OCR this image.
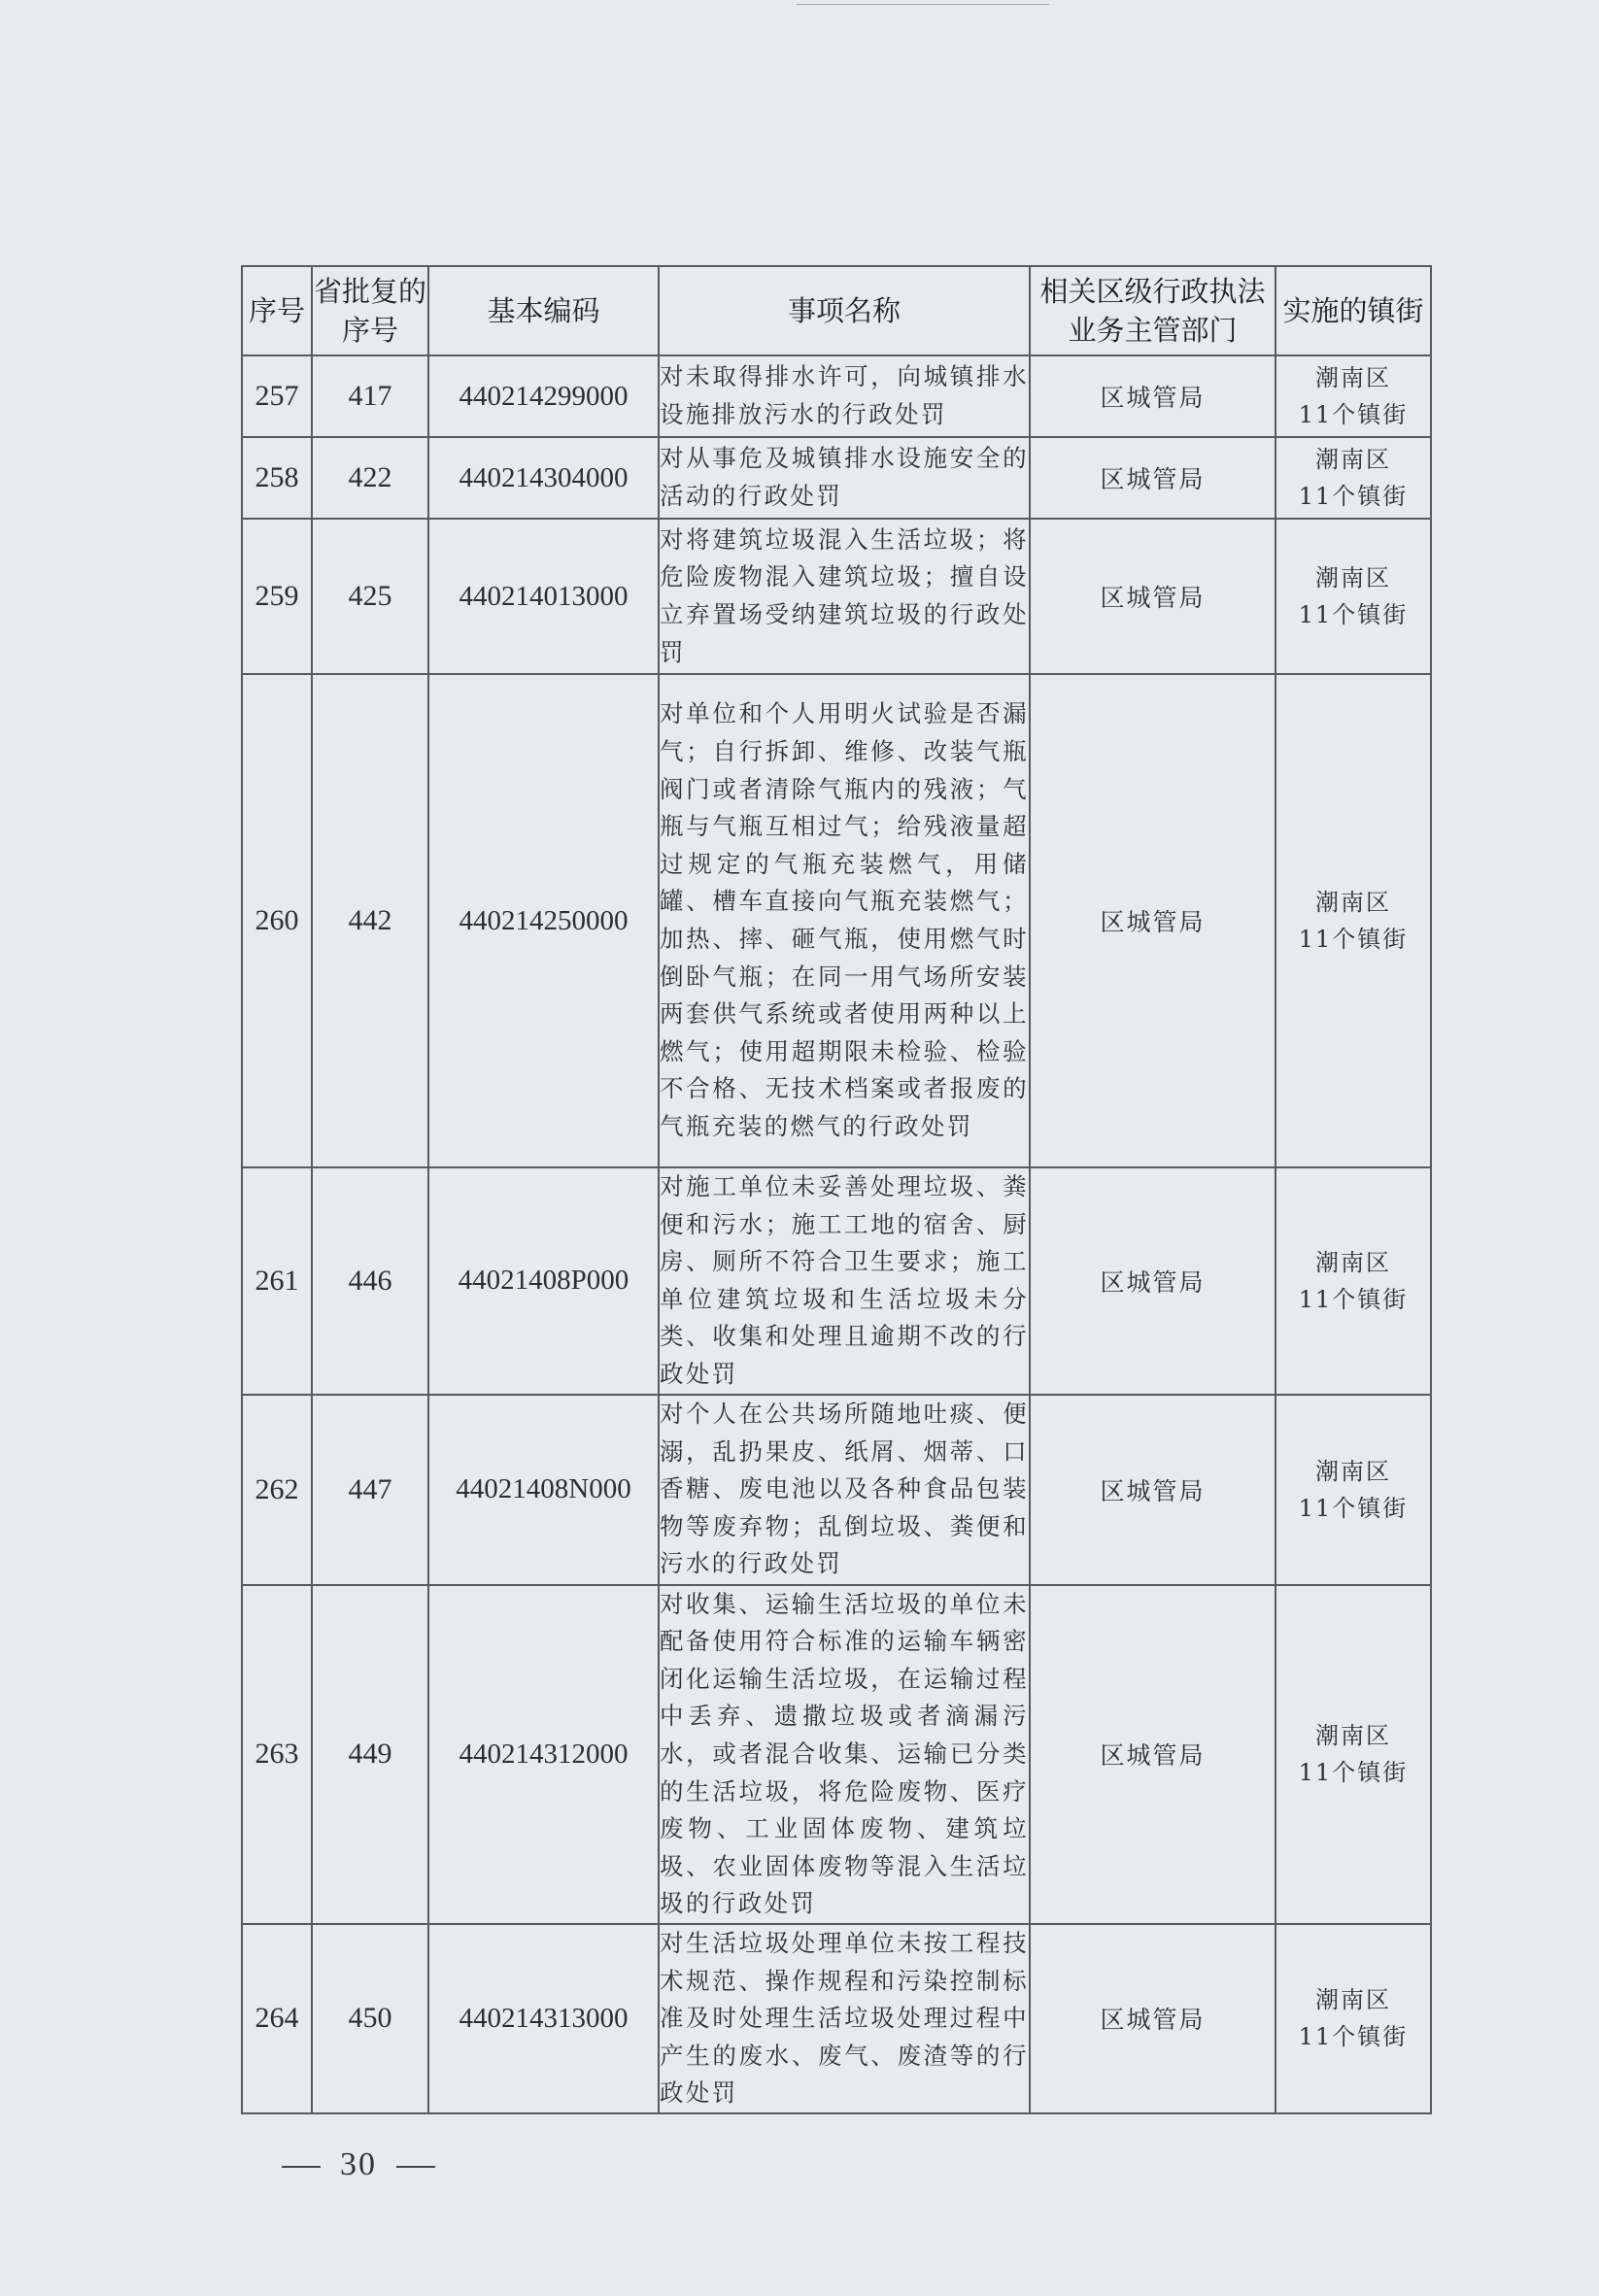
序号	省批复的序号	基本编码	事项名称	相关区级行政执法业务主管部门	实施的镇街
257	417	440214299000	对未取得排水许可，向城镇排水设施排放污水的行政处罚	区城管局	潮南区
11个镇街

258	422	440214304000	对从事危及城镇排水设施安全的活动的行政处罚	区城管局	潮南区
11个镇街

259	425	440214013000	对将建筑垃圾混入生活垃圾；将危险废物混入建筑垃圾；擅自设立弃置场受纳建筑垃圾的行政处罚	区城管局	潮南区
11个镇街

260	442	440214250000	对单位和个人用明火试验是否漏气；自行拆卸、维修、改装气瓶阀门或者清除气瓶内的残液；气瓶与气瓶互相过气；给残液量超过规定的气瓶充装燃气，用储罐、槽车直接向气瓶充装燃气；加热、摔、砸气瓶，使用燃气时倒卧气瓶；在同一用气场所安装两套供气系统或者使用两种以上燃气；使用超期限未检验、检验不合格、无技术档案或者报废的气瓶充装的燃气的行政处罚	区城管局	潮南区
11个镇街

261	446	44021408P000	对施工单位未妥善处理垃圾、粪便和污水；施工工地的宿舍、厨房、厕所不符合卫生要求；施工单位建筑垃圾和生活垃圾未分类、收集和处理且逾期不改的行政处罚	区城管局	潮南区
11个镇街

262	447	44021408N000	对个人在公共场所随地吐痰、便溺，乱扔果皮、纸屑、烟蒂、口香糖、废电池以及各种食品包装物等废弃物；乱倒垃圾、粪便和污水的行政处罚	区城管局	潮南区
11个镇街

263	449	440214312000	对收集、运输生活垃圾的单位未配备使用符合标准的运输车辆密闭化运输生活垃圾，在运输过程中丢弃、遗撒垃圾或者滴漏污水，或者混合收集、运输已分类的生活垃圾，将危险废物、医疗废物、工业固体废物、建筑垃圾、农业固体废物等混入生活垃圾的行政处罚	区城管局	潮南区
11个镇街

264	450	440214313000	对生活垃圾处理单位未按工程技术规范、操作规程和污染控制标准及时处理生活垃圾处理过程中产生的废水、废气、废渣等的行政处罚	区城管局	潮南区
11个镇街
30
